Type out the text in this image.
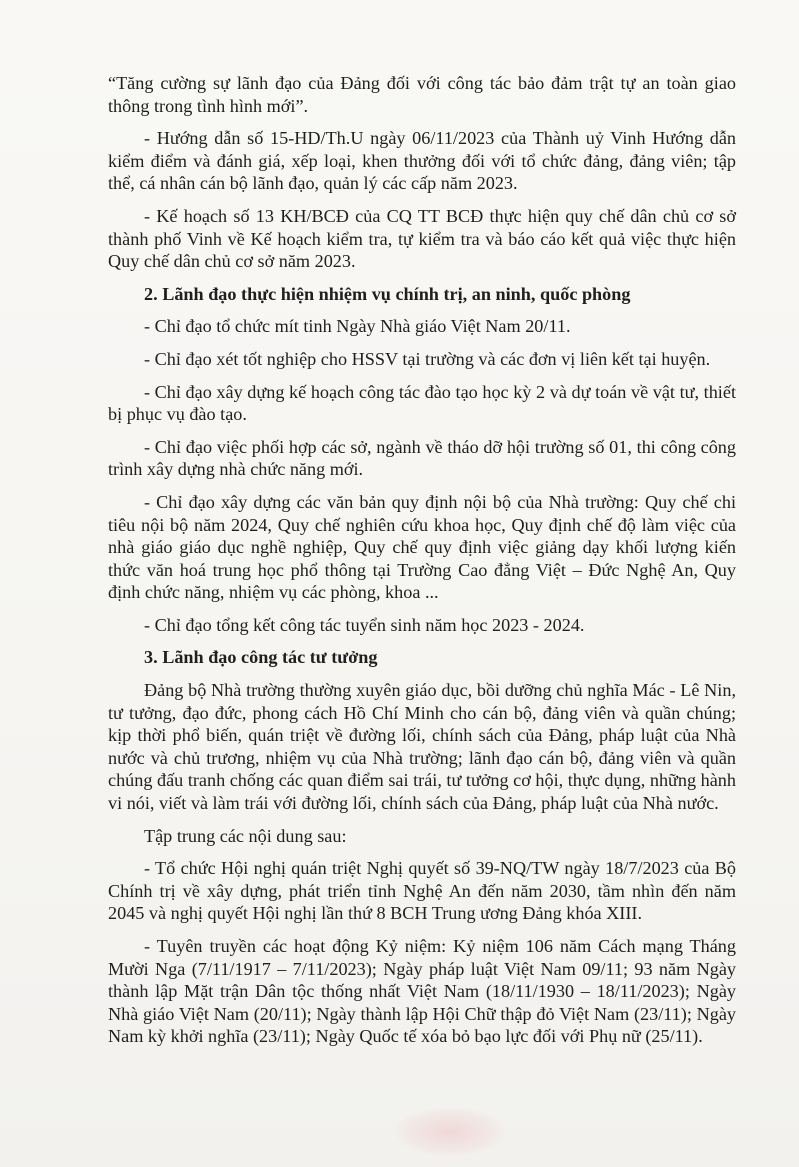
“Tăng cường sự lãnh đạo của Đảng đối với công tác bảo đảm trật tự an toàn giao thông trong tình hình mới”.

- Hướng dẫn số 15-HD/Th.U ngày 06/11/2023 của Thành uỷ Vinh Hướng dẫn kiểm điểm và đánh giá, xếp loại, khen thưởng đối với tổ chức đảng, đảng viên; tập thể, cá nhân cán bộ lãnh đạo, quản lý các cấp năm 2023.

- Kế hoạch số 13 KH/BCĐ của CQ TT BCĐ thực hiện quy chế dân chủ cơ sở thành phố Vinh về Kế hoạch kiểm tra, tự kiểm tra và báo cáo kết quả việc thực hiện Quy chế dân chủ cơ sở năm 2023.

2. Lãnh đạo thực hiện nhiệm vụ chính trị, an ninh, quốc phòng

- Chỉ đạo tổ chức mít tinh Ngày Nhà giáo Việt Nam 20/11.

- Chỉ đạo xét tốt nghiệp cho HSSV tại trường và các đơn vị liên kết tại huyện.

- Chỉ đạo xây dựng kế hoạch công tác đào tạo học kỳ 2 và dự toán về vật tư, thiết bị phục vụ đào tạo.

- Chỉ đạo việc phối hợp các sở, ngành về tháo dỡ hội trường số 01, thi công công trình xây dựng nhà chức năng mới.

- Chỉ đạo xây dựng các văn bản quy định nội bộ của Nhà trường: Quy chế chi tiêu nội bộ năm 2024, Quy chế nghiên cứu khoa học, Quy định chế độ làm việc của nhà giáo giáo dục nghề nghiệp, Quy chế quy định việc giảng dạy khối lượng kiến thức văn hoá trung học phổ thông tại Trường Cao đẳng Việt – Đức Nghệ An, Quy định chức năng, nhiệm vụ các phòng, khoa ...

- Chỉ đạo tổng kết công tác tuyển sinh năm học 2023 - 2024.

3. Lãnh đạo công tác tư tưởng

Đảng bộ Nhà trường thường xuyên giáo dục, bồi dưỡng chủ nghĩa Mác - Lê Nin, tư tưởng, đạo đức, phong cách Hồ Chí Minh cho cán bộ, đảng viên và quần chúng; kịp thời phổ biến, quán triệt về đường lối, chính sách của Đảng, pháp luật của Nhà nước và chủ trương, nhiệm vụ của Nhà trường; lãnh đạo cán bộ, đảng viên và quần chúng đấu tranh chống các quan điểm sai trái, tư tưởng cơ hội, thực dụng, những hành vi nói, viết và làm trái với đường lối, chính sách của Đảng, pháp luật của Nhà nước.

Tập trung các nội dung sau:

- Tổ chức Hội nghị quán triệt Nghị quyết số 39-NQ/TW ngày 18/7/2023 của Bộ Chính trị về xây dựng, phát triển tỉnh Nghệ An đến năm 2030, tầm nhìn đến năm 2045 và nghị quyết Hội nghị lần thứ 8 BCH Trung ương Đảng khóa XIII.

- Tuyên truyền các hoạt động Kỷ niệm: Kỷ niệm 106 năm Cách mạng Tháng Mười Nga (7/11/1917 – 7/11/2023); Ngày pháp luật Việt Nam 09/11; 93 năm Ngày thành lập Mặt trận Dân tộc thống nhất Việt Nam (18/11/1930 – 18/11/2023); Ngày Nhà giáo Việt Nam (20/11); Ngày thành lập Hội Chữ thập đỏ Việt Nam (23/11); Ngày Nam kỳ khởi nghĩa (23/11); Ngày Quốc tế xóa bỏ bạo lực đối với Phụ nữ (25/11).
